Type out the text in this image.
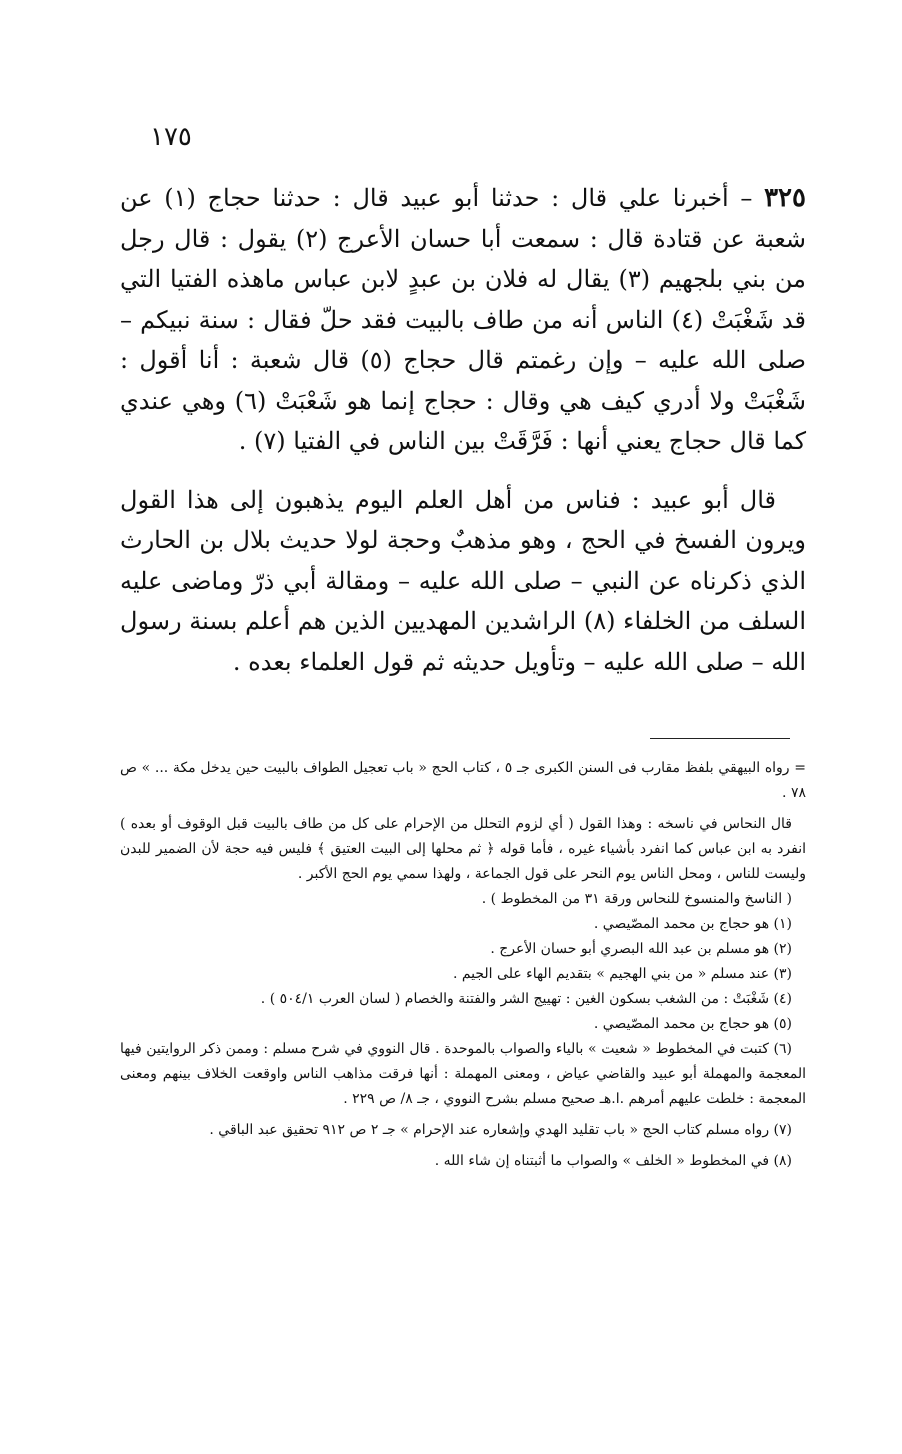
١٧٥

٣٢٥ – أخبرنا علي قال : حدثنا أبو عبيد قال : حدثنا حجاج (١) عن شعبة عن قتادة قال : سمعت أبا حسان الأعرج (٢) يقول : قال رجل من بني بلجهيم (٣) يقال له فلان بن عبدٍ لابن عباس ماهذه الفتيا التي قد شَغْبَتْ (٤) الناس أنه من طاف بالبيت فقد حلّ فقال : سنة نبيكم – صلى الله عليه – وإن رغمتم قال حجاج (٥) قال شعبة : أنا أقول : شَغْبَتْ ولا أدري كيف هي وقال : حجاج إنما هو شَعْبَتْ (٦) وهي عندي كما قال حجاج يعني أنها : فَرَّقَتْ بين الناس في الفتيا (٧) .

قال أبو عبيد : فناس من أهل العلم اليوم يذهبون إلى هذا القول ويرون الفسخ في الحج ، وهو مذهبٌ وحجة لولا حديث بلال بن الحارث الذي ذكرناه عن النبي – صلى الله عليه – ومقالة أبي ذرّ وماضى عليه السلف من الخلفاء (٨) الراشدين المهديين الذين هم أعلم بسنة رسول الله – صلى الله عليه – وتأويل حديثه ثم قول العلماء بعده .

= رواه البيهقي بلفظ مقارب فى السنن الكبرى جـ ٥ ، كتاب الحج « باب تعجيل الطواف بالبيت حين يدخل مكة ... » ص ٧٨ .

قال النحاس في ناسخه : وهذا القول ( أي لزوم التحلل من الإحرام على كل من طاف بالبيت قبل الوقوف أو بعده ) انفرد به ابن عباس كما انفرد بأشياء غيره ، فأما قوله ﴿ ثم محلها إلى البيت العتيق ﴾ فليس فيه حجة لأن الضمير للبدن وليست للناس ، ومحل الناس يوم النحر على قول الجماعة ، ولهذا سمي يوم الحج الأكبر .

( الناسخ والمنسوخ للنحاس ورقة ٣١ من المخطوط ) .

(١) هو حجاج بن محمد المصّيصي .

(٢) هو مسلم بن عبد الله البصري أبو حسان الأعرج .

(٣) عند مسلم « من بني الهجيم » بتقديم الهاء على الجيم .

(٤) شَغْبَتْ : من الشغب بسكون الغين : تهييج الشر والفتنة والخصام ( لسان العرب ٥٠٤/١ ) .

(٥) هو حجاج بن محمد المصّيصي .

(٦) كتبت في المخطوط « شعيت » بالياء والصواب بالموحدة . قال النووي في شرح مسلم : وممن ذكر الروايتين فيها المعجمة والمهملة أبو عبيد والقاضي عياض ، ومعنى المهملة : أنها فرقت مذاهب الناس واوقعت الخلاف بينهم ومعنى المعجمة : خلطت عليهم أمرهم .ا.هـ صحيح مسلم بشرح النووي ، جـ ٨/ ص ٢٢٩ .

(٧) رواه مسلم كتاب الحج « باب تقليد الهدي وإشعاره عند الإحرام » جـ ٢ ص ٩١٢ تحقيق عبد الباقي .

(٨) في المخطوط « الخلف » والصواب ما أثبتناه إن شاء الله .
